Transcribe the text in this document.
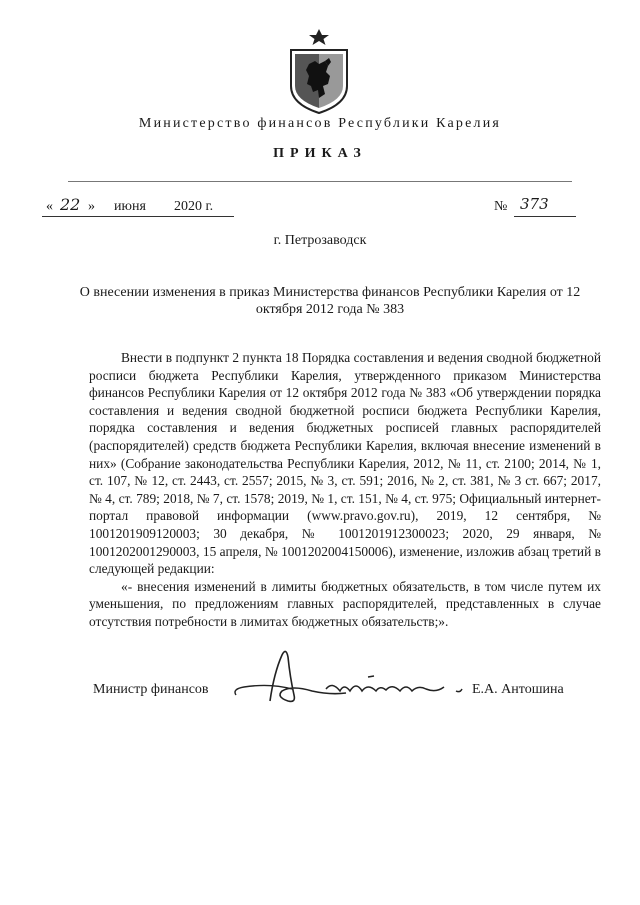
Министерство финансов Республики Карелия
ПРИКАЗ
« 22 » июня 2020 г.	№ 373
г. Петрозаводск
О внесении изменения в приказ Министерства финансов Республики Карелия от 12 октября 2012 года № 383

Внести в подпункт 2 пункта 18 Порядка составления и ведения сводной бюджетной росписи бюджета Республики Карелия, утвержденного приказом Министерства финансов Республики Карелия от 12 октября 2012 года № 383 «Об утверждении порядка составления и ведения сводной бюджетной росписи бюджета Республики Карелия, порядка составления и ведения бюджетных росписей главных распорядителей (распорядителей) средств бюджета Республики Карелия, включая внесение изменений в них» (Собрание законодательства Республики Карелия, 2012, № 11, ст. 2100; 2014, № 1, ст. 107, № 12, ст. 2443, ст. 2557; 2015, № 3, ст. 591; 2016, № 2, ст. 381, № 3 ст. 667; 2017, № 4, ст. 789; 2018, № 7, ст. 1578; 2019, № 1, ст. 151, № 4, ст. 975; Официальный интернет-портал правовой информации (www.pravo.gov.ru), 2019, 12 сентября, № 1001201909120003; 30 декабря, № 1001201912300023; 2020, 29 января, № 1001202001290003, 15 апреля, № 1001202004150006), изменение, изложив абзац третий в следующей редакции:

«- внесения изменений в лимиты бюджетных обязательств, в том числе путем их уменьшения, по предложениям главных распорядителей, представленных в случае отсутствия потребности в лимитах бюджетных обязательств;».

Министр финансов	Е.А. Антошина
